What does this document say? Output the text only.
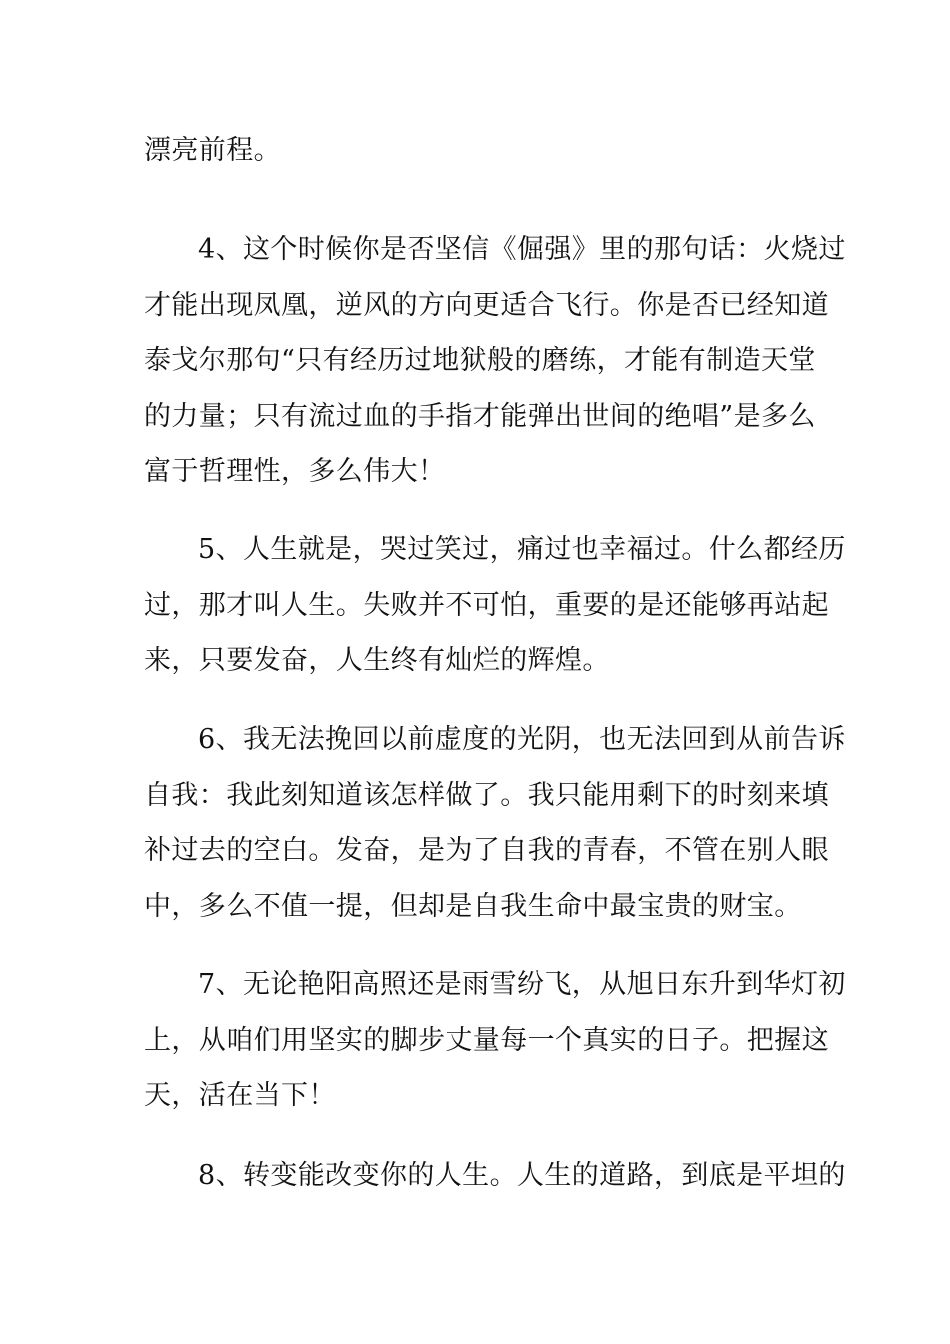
漂亮前程。

4、这个时候你是否坚信《倔强》里的那句话：火烧过
才能出现凤凰，逆风的方向更适合飞行。你是否已经知道
泰戈尔那句“只有经历过地狱般的磨练，才能有制造天堂
的力量；只有流过血的手指才能弹出世间的绝唱”是多么
富于哲理性，多么伟大！

5、人生就是，哭过笑过，痛过也幸福过。什么都经历
过，那才叫人生。失败并不可怕，重要的是还能够再站起
来，只要发奋，人生终有灿烂的辉煌。

6、我无法挽回以前虚度的光阴，也无法回到从前告诉
自我：我此刻知道该怎样做了。我只能用剩下的时刻来填
补过去的空白。发奋，是为了自我的青春，不管在别人眼
中，多么不值一提，但却是自我生命中最宝贵的财宝。

7、无论艳阳高照还是雨雪纷飞，从旭日东升到华灯初
上，从咱们用坚实的脚步丈量每一个真实的日子。把握这
天，活在当下！

8、转变能改变你的人生。人生的道路，到底是平坦的
